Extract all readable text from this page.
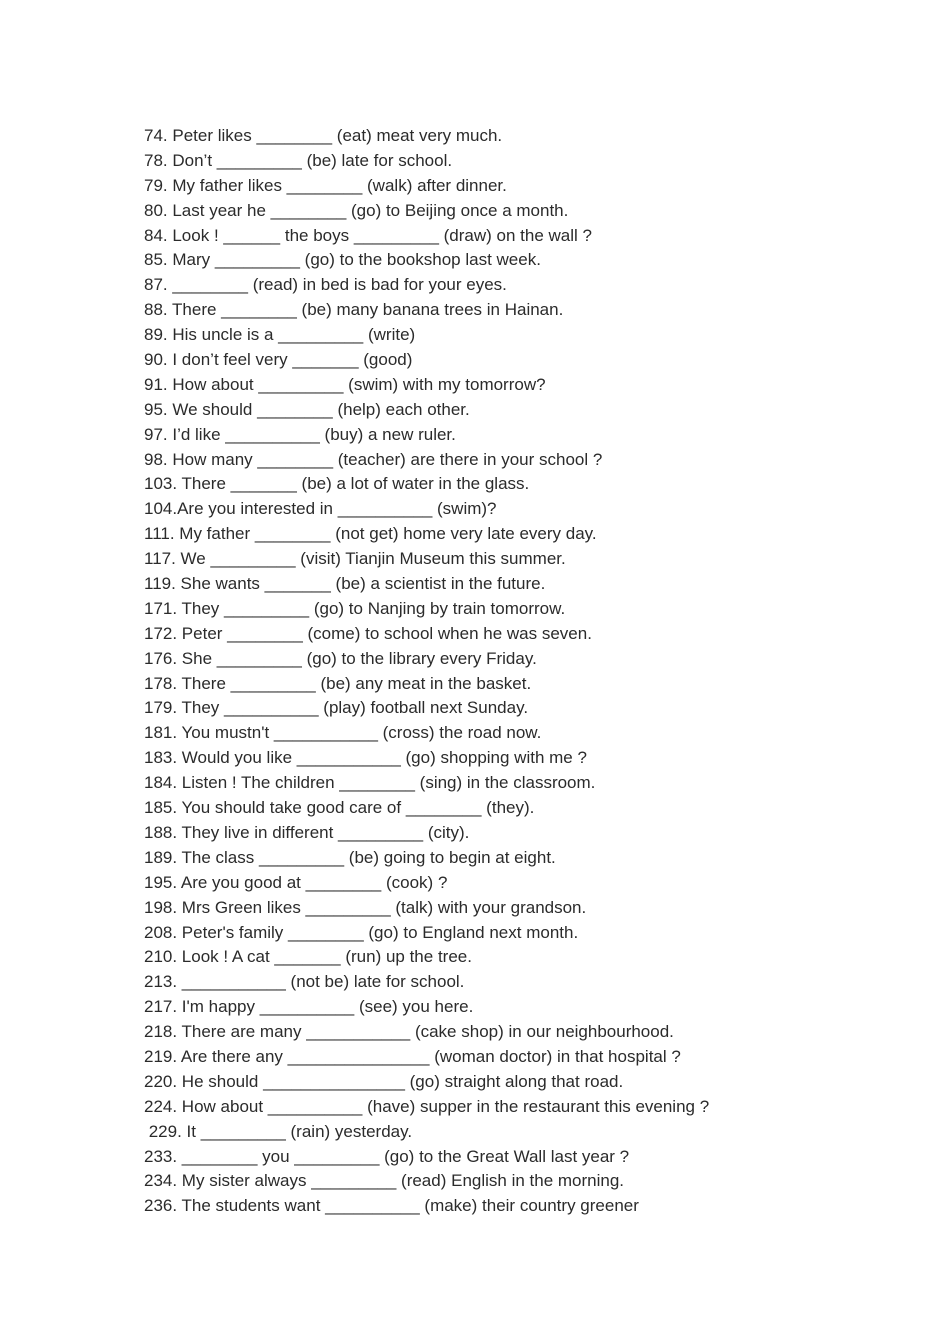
74. Peter likes ________ (eat) meat very much.
78. Don’t _________ (be) late for school.
79. My father likes ________ (walk) after dinner.
80. Last year he ________ (go) to Beijing once a month.
84. Look ! ______ the boys _________ (draw) on the wall ?
85. Mary _________ (go) to the bookshop last week.
87. ________ (read) in bed is bad for your eyes.
88. There ________ (be) many banana trees in Hainan.
89. His uncle is a _________ (write)
90. I don’t feel very _______ (good)
91. How about _________ (swim) with my tomorrow?
95. We should ________ (help) each other.
97. I’d like __________ (buy) a new ruler.
98. How many ________ (teacher) are there in your school ?
103. There _______ (be) a lot of water in the glass.
104.Are you interested in __________ (swim)?
111. My father ________ (not get) home very late every day.
117. We _________ (visit) Tianjin Museum this summer.
119. She wants _______ (be) a scientist in the future.
171. They _________ (go) to Nanjing by train tomorrow.
172. Peter ________ (come) to school when he was seven.
176. She _________ (go) to the library every Friday.
178. There _________ (be) any meat in the basket.
179. They __________ (play) football next Sunday.
181. You mustn't ___________ (cross) the road now.
183. Would you like ___________ (go) shopping with me ?
184. Listen ! The children ________ (sing) in the classroom.
185. You should take good care of ________ (they).
188. They live in different _________ (city).
189. The class _________ (be) going to begin at eight.
195. Are you good at ________ (cook) ?
198. Mrs Green likes _________ (talk) with your grandson.
208. Peter's family ________ (go) to England next month.
210. Look ! A cat _______ (run) up the tree.
213. ___________ (not be) late for school.
217. I'm happy __________ (see) you here.
218. There are many ___________ (cake shop) in our neighbourhood.
219. Are there any _______________ (woman doctor) in that hospital ?
220. He should _______________ (go) straight along that road.
224. How about __________ (have) supper in the restaurant this evening ?
229. It _________ (rain) yesterday.
233. ________ you _________ (go) to the Great Wall last year ?
234. My sister always _________ (read) English in the morning.
236. The students want __________ (make) their country greener
